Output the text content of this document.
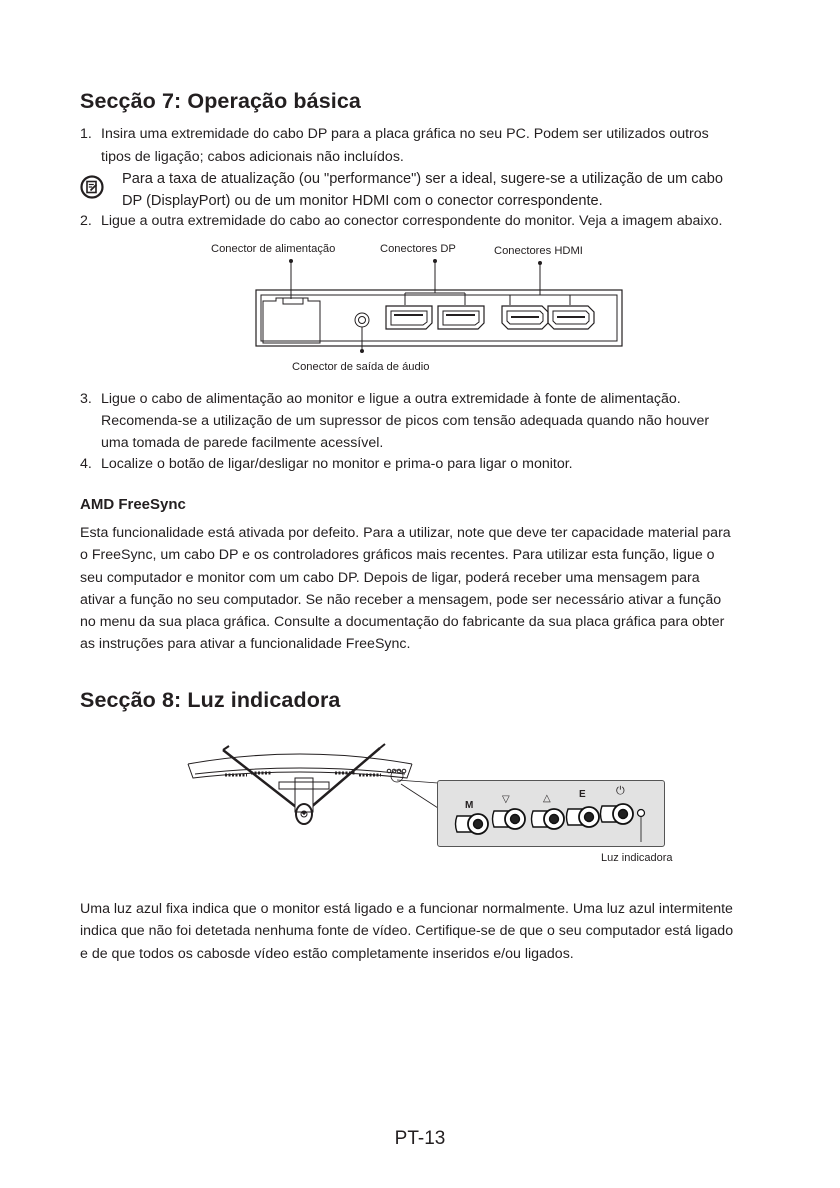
Secção 7: Operação básica
1. Insira uma extremidade do cabo DP para a placa gráfica no seu PC. Podem ser utilizados outros
tipos de ligação; cabos adicionais não incluídos.
Para a taxa de atualização (ou "performance") ser a ideal, sugere-se a utilização de um cabo
DP (DisplayPort) ou de um monitor HDMI com o conector correspondente.
2. Ligue a outra extremidade do cabo ao conector correspondente do monitor. Veja a imagem abaixo.
Conector de alimentação	Conectores DP	Conectores HDMI
Conector de saída de áudio
3. Ligue o cabo de alimentação ao monitor e ligue a outra extremidade à fonte de alimentação.
Recomenda-se a utilização de um supressor de picos com tensão adequada quando não houver
uma tomada de parede facilmente acessível.
4. Localize o botão de ligar/desligar no monitor e prima-o para ligar o monitor.
AMD FreeSync
Esta funcionalidade está ativada por defeito. Para a utilizar, note que deve ter capacidade material para
o FreeSync, um cabo DP e os controladores gráficos mais recentes. Para utilizar esta função, ligue o
seu computador e monitor com um cabo DP. Depois de ligar, poderá receber uma mensagem para
ativar a função no seu computador. Se não receber a mensagem, pode ser necessário ativar a função
no menu da sua placa gráfica. Consulte a documentação do fabricante da sua placa gráfica para obter
as instruções para ativar a funcionalidade FreeSync.
Secção 8: Luz indicadora
M
▽	△	E	⏻
Luz indicadora
Uma luz azul fixa indica que o monitor está ligado e a funcionar normalmente. Uma luz azul intermitente
indica que não foi detetada nenhuma fonte de vídeo. Certifique-se de que o seu computador está ligado
e de que todos os cabosde vídeo estão completamente inseridos e/ou ligados.
PT-13
